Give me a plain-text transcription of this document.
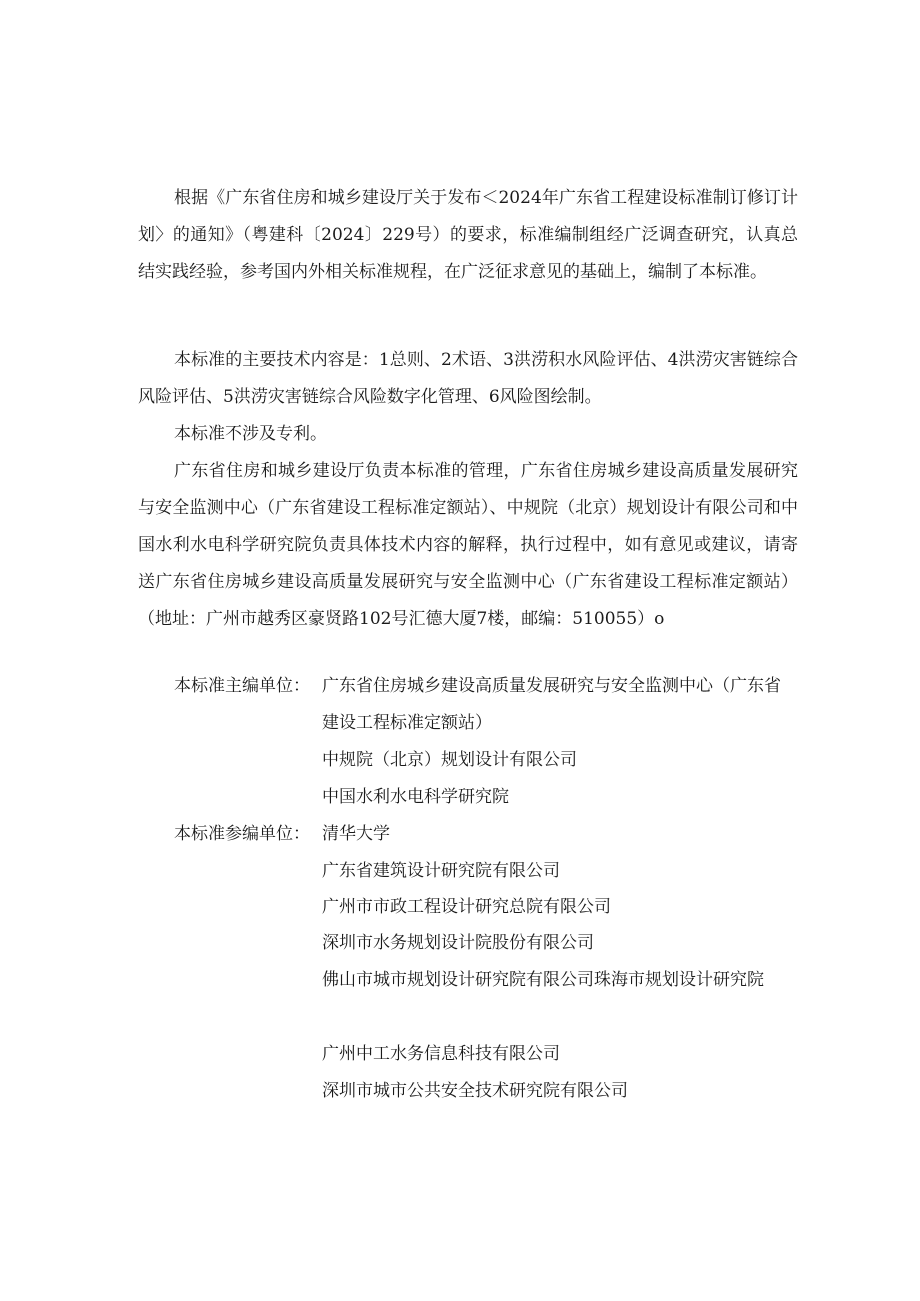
根据《广东省住房和城乡建设厅关于发布＜2024年广东省工程建设标准制订修订计划〉的通知》（粤建科〔2024〕229号）的要求，标准编制组经广泛调查研究，认真总结实践经验，参考国内外相关标准规程，在广泛征求意见的基础上，编制了本标准。

本标准的主要技术内容是：1总则、2术语、3洪涝积水风险评估、4洪涝灾害链综合风险评估、5洪涝灾害链综合风险数字化管理、6风险图绘制。

本标准不涉及专利。

广东省住房和城乡建设厅负责本标准的管理，广东省住房城乡建设高质量发展研究与安全监测中心（广东省建设工程标准定额站）、中规院（北京）规划设计有限公司和中国水利水电科学研究院负责具体技术内容的解释，执行过程中，如有意见或建议，请寄送广东省住房城乡建设高质量发展研究与安全监测中心（广东省建设工程标准定额站）（地址：广州市越秀区豪贤路102号汇德大厦7楼，邮编：510055）o

本标准主编单位： 广东省住房城乡建设高质量发展研究与安全监测中心（广东省建设工程标准定额站）

中规院（北京）规划设计有限公司

中国水利水电科学研究院

本标准参编单位： 清华大学

广东省建筑设计研究院有限公司

广州市市政工程设计研究总院有限公司

深圳市水务规划设计院股份有限公司

佛山市城市规划设计研究院有限公司珠海市规划设计研究院

广州中工水务信息科技有限公司

深圳市城市公共安全技术研究院有限公司
